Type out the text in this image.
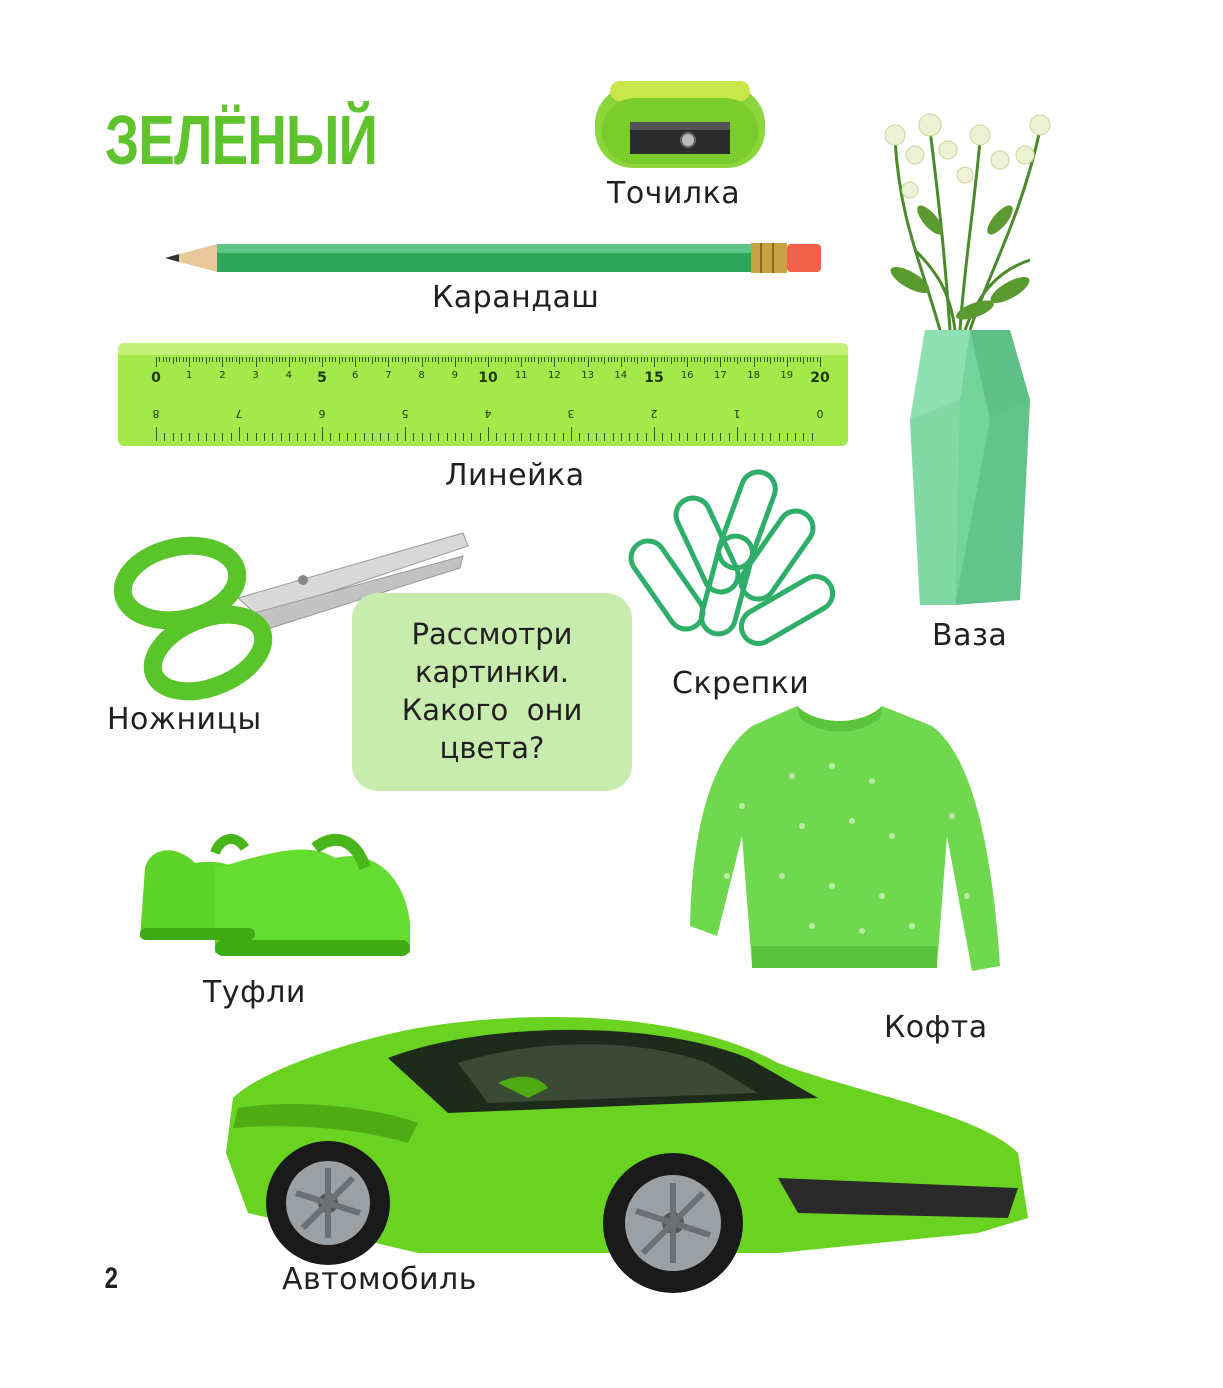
ЗЕЛЁНЫЙ
Точилка
Карандаш
0	1	2	3	4	5	6	7	8	9	10	11	12	13	14 15	16	17	18	19 20
8	7	6	5	4	3	2	1	0
Линейка
Ножницы
Рассмотри
картинки.
Какого  они
цвета?
Скрепки
Ваза
Кофта
Туфли
Автомобиль
2
